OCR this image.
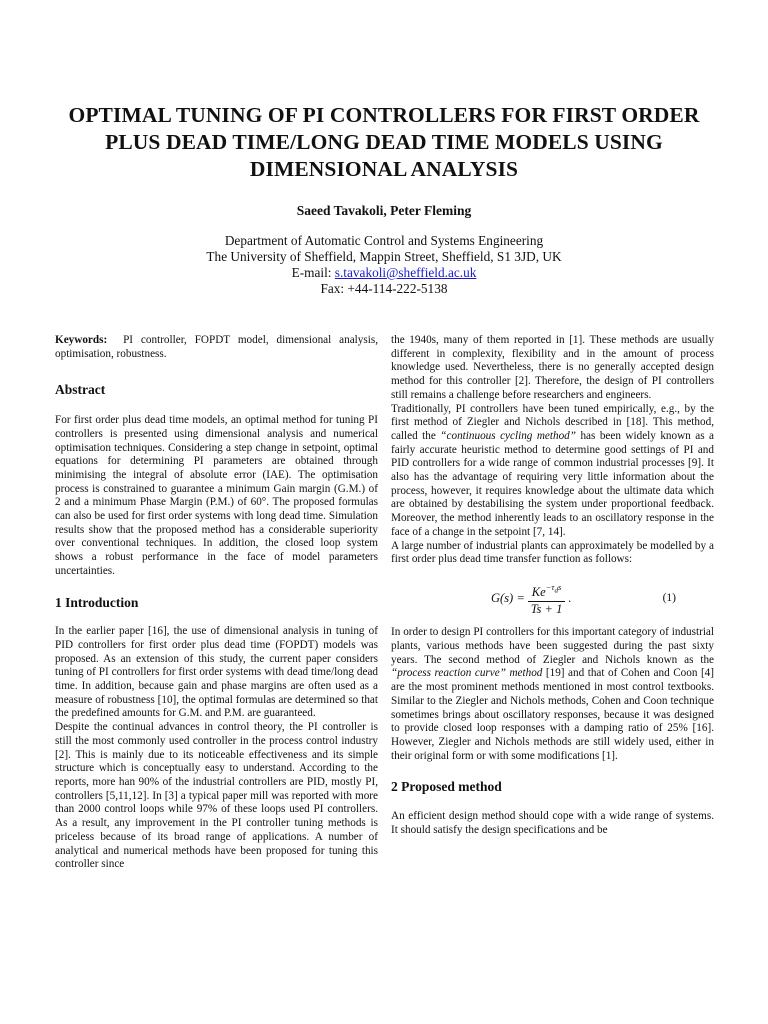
OPTIMAL TUNING OF PI CONTROLLERS FOR FIRST ORDER PLUS DEAD TIME/LONG DEAD TIME MODELS USING DIMENSIONAL ANALYSIS
Saeed Tavakoli, Peter Fleming
Department of Automatic Control and Systems Engineering
The University of Sheffield, Mappin Street, Sheffield, S1 3JD, UK
E-mail: s.tavakoli@sheffield.ac.uk
Fax: +44-114-222-5138

Keywords: PI controller, FOPDT model, dimensional analysis, optimisation, robustness.

Abstract

For first order plus dead time models, an optimal method for tuning PI controllers is presented using dimensional analysis and numerical optimisation techniques. Considering a step change in setpoint, optimal equations for determining PI parameters are obtained through minimising the integral of absolute error (IAE). The optimisation process is constrained to guarantee a minimum Gain margin (G.M.) of 2 and a minimum Phase Margin (P.M.) of 60°. The proposed formulas can also be used for first order systems with long dead time. Simulation results show that the proposed method has a considerable superiority over conventional techniques. In addition, the closed loop system shows a robust performance in the face of model parameters uncertainties.

1 Introduction

In the earlier paper [16], the use of dimensional analysis in tuning of PID controllers for first order plus dead time (FOPDT) models was proposed. As an extension of this study, the current paper considers tuning of PI controllers for first order systems with dead time/long dead time. In addition, because gain and phase margins are often used as a measure of robustness [10], the optimal formulas are determined so that the predefined amounts for G.M. and P.M. are guaranteed.

Despite the continual advances in control theory, the PI controller is still the most commonly used controller in the process control industry [2]. This is mainly due to its noticeable effectiveness and its simple structure which is conceptually easy to understand. According to the reports, more han 90% of the industrial controllers are PID, mostly PI, controllers [5,11,12]. In [3] a typical paper mill was reported with more than 2000 control loops while 97% of these loops used PI controllers. As a result, any improvement in the PI controller tuning methods is priceless because of its broad range of applications. A number of analytical and numerical methods have been proposed for tuning this controller since

the 1940s, many of them reported in [1]. These methods are usually different in complexity, flexibility and in the amount of process knowledge used. Nevertheless, there is no generally accepted design method for this controller [2]. Therefore, the design of PI controllers still remains a challenge before researchers and engineers.

Traditionally, PI controllers have been tuned empirically, e.g., by the first method of Ziegler and Nichols described in [18]. This method, called the “continuous cycling method” has been widely known as a fairly accurate heuristic method to determine good settings of PI and PID controllers for a wide range of common industrial processes [9]. It also has the advantage of requiring very little information about the process, however, it requires knowledge about the ultimate data which are obtained by destabilising the system under proportional feedback. Moreover, the method inherently leads to an oscillatory response in the face of a change in the setpoint [7, 14].

A large number of industrial plants can approximately be modelled by a first order plus dead time transfer function as follows:

$G(s) = \frac{Ke^{-\tau_ds}}{Ts + 1}$ .	(1)

In order to design PI controllers for this important category of industrial plants, various methods have been suggested during the past sixty years. The second method of Ziegler and Nichols known as the “process reaction curve” method [19] and that of Cohen and Coon [4] are the most prominent methods mentioned in most control textbooks. Similar to the Ziegler and Nichols methods, Cohen and Coon technique sometimes brings about oscillatory responses, because it was designed to provide closed loop responses with a damping ratio of 25% [16]. However, Ziegler and Nichols methods are still widely used, either in their original form or with some modifications [1].

2 Proposed method

An efficient design method should cope with a wide range of systems. It should satisfy the design specifications and be
